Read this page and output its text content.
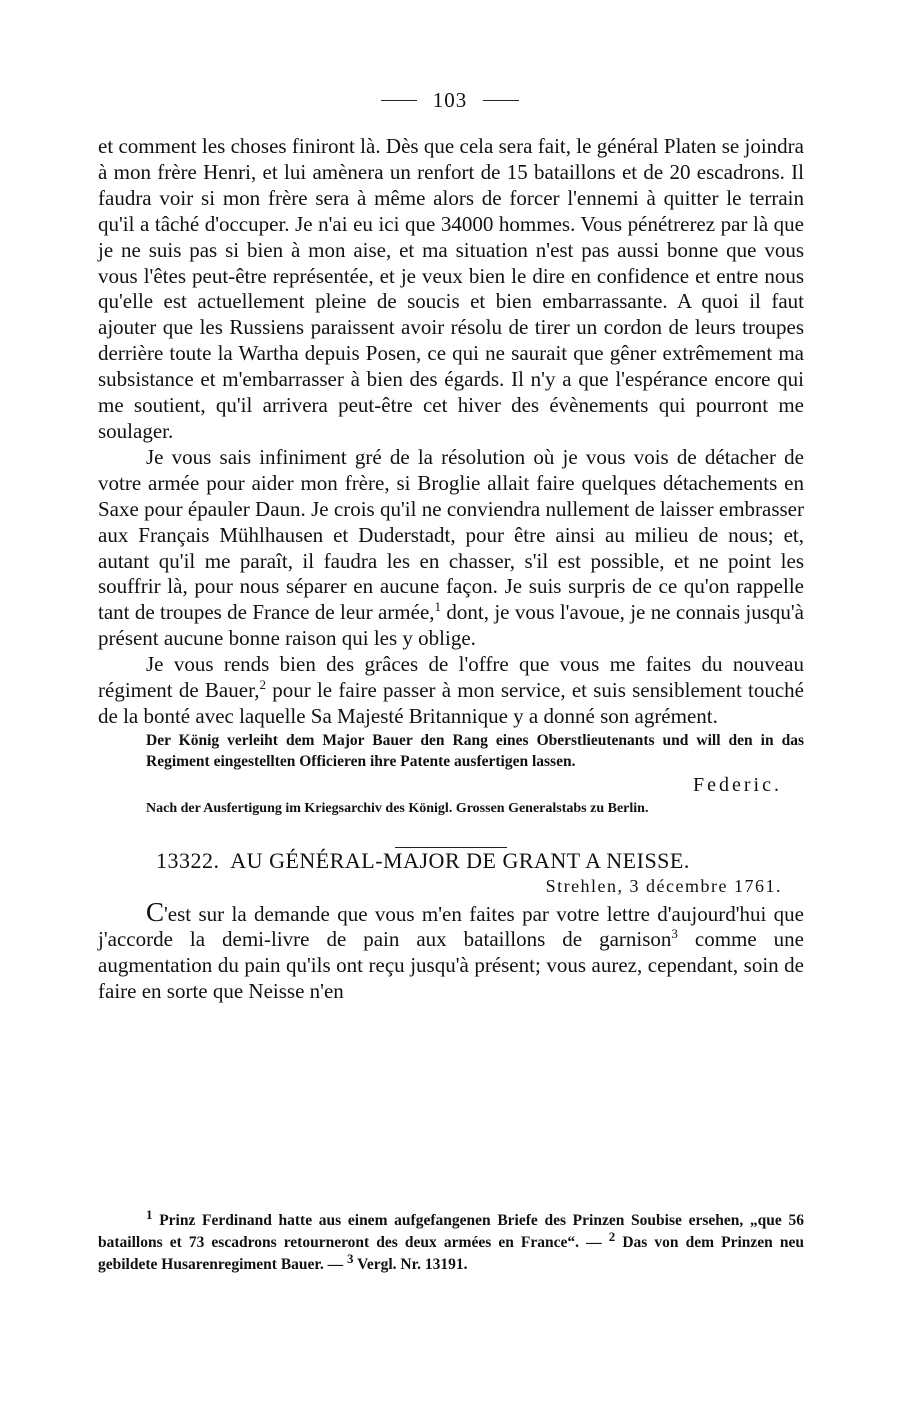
103

et comment les choses finiront là. Dès que cela sera fait, le général Platen se joindra à mon frère Henri, et lui amènera un renfort de 15 bataillons et de 20 escadrons. Il faudra voir si mon frère sera à même alors de forcer l'ennemi à quitter le terrain qu'il a tâché d'occuper. Je n'ai eu ici que 34000 hommes. Vous pénétrerez par là que je ne suis pas si bien à mon aise, et ma situation n'est pas aussi bonne que vous vous l'êtes peut-être représentée, et je veux bien le dire en confidence et entre nous qu'elle est actuellement pleine de soucis et bien embarrassante. A quoi il faut ajouter que les Russiens paraissent avoir résolu de tirer un cordon de leurs troupes derrière toute la Wartha depuis Posen, ce qui ne saurait que gêner extrêmement ma subsistance et m'embarrasser à bien des égards. Il n'y a que l'espérance encore qui me soutient, qu'il arrivera peut-être cet hiver des évènements qui pourront me soulager.

Je vous sais infiniment gré de la résolution où je vous vois de détacher de votre armée pour aider mon frère, si Broglie allait faire quelques détachements en Saxe pour épauler Daun. Je crois qu'il ne conviendra nullement de laisser embrasser aux Français Mühlhausen et Duderstadt, pour être ainsi au milieu de nous; et, autant qu'il me paraît, il faudra les en chasser, s'il est possible, et ne point les souffrir là, pour nous séparer en aucune façon. Je suis surpris de ce qu'on rappelle tant de troupes de France de leur armée,$^1$ dont, je vous l'avoue, je ne connais jusqu'à présent aucune bonne raison qui les y oblige.

Je vous rends bien des grâces de l'offre que vous me faites du nouveau régiment de Bauer,$^2$ pour le faire passer à mon service, et suis sensiblement touché de la bonté avec laquelle Sa Majesté Britannique y a donné son agrément.

Der König verleiht dem Major Bauer den Rang eines Oberstlieutenants und will den in das Regiment eingestellten Officieren ihre Patente ausfertigen lassen.

Federic.

Nach der Ausfertigung im Kriegsarchiv des Königl. Grossen Generalstabs zu Berlin.

13322. AU GÉNÉRAL-MAJOR DE GRANT A NEISSE.

Strehlen, 3 décembre 1761.

C'est sur la demande que vous m'en faites par votre lettre d'aujourd'hui que j'accorde la demi-livre de pain aux bataillons de garnison$^3$ comme une augmentation du pain qu'ils ont reçu jusqu'à présent; vous aurez, cependant, soin de faire en sorte que Neisse n'en

$^1$ Prinz Ferdinand hatte aus einem aufgefangenen Briefe des Prinzen Soubise ersehen, „que 56 bataillons et 73 escadrons retourneront des deux armées en France“. — $^2$ Das von dem Prinzen neu gebildete Husarenregiment Bauer. — $^3$ Vergl. Nr. 13191.
